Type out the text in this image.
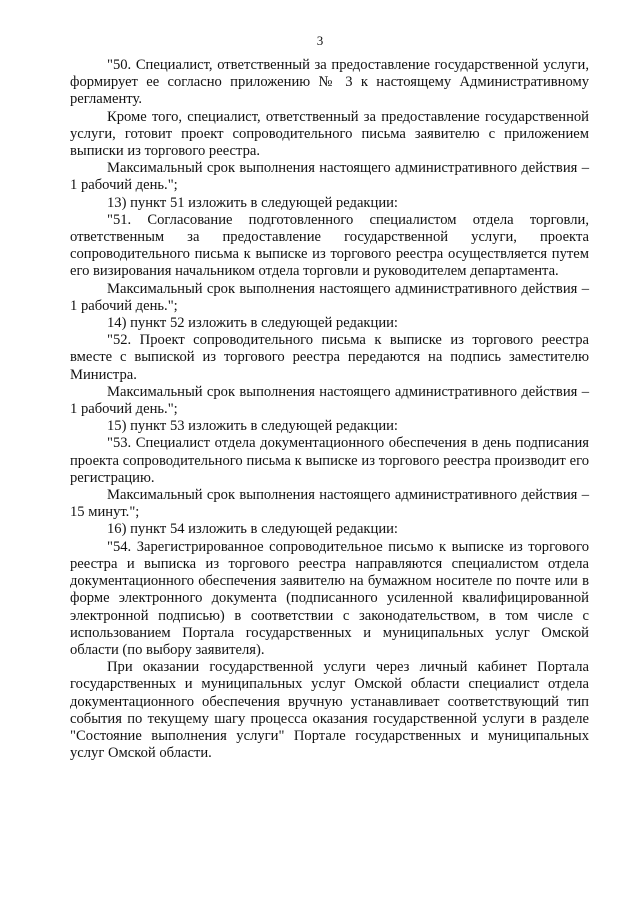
3

"50. Специалист, ответственный за предоставление государственной услуги, формирует ее согласно приложению № 3 к настоящему Административному регламенту.

Кроме того, специалист, ответственный за предоставление государственной услуги, готовит проект сопроводительного письма заявителю с приложением выписки из торгового реестра.

Максимальный срок выполнения настоящего административного действия – 1 рабочий день.";

13) пункт 51 изложить в следующей редакции:

"51. Согласование подготовленного специалистом отдела торговли, ответственным за предоставление государственной услуги, проекта сопроводительного письма к выписке из торгового реестра осуществляется путем его визирования начальником отдела торговли и руководителем департамента.

Максимальный срок выполнения настоящего административного действия – 1 рабочий день.";

14) пункт 52 изложить в следующей редакции:

"52. Проект сопроводительного письма к выписке из торгового реестра вместе с выпиской из торгового реестра передаются на подпись заместителю Министра.

Максимальный срок выполнения настоящего административного действия – 1 рабочий день.";

15) пункт 53 изложить в следующей редакции:

"53. Специалист отдела документационного обеспечения в день подписания проекта сопроводительного письма к выписке из торгового реестра производит его регистрацию.

Максимальный срок выполнения настоящего административного действия – 15 минут.";

16) пункт 54 изложить в следующей редакции:

"54. Зарегистрированное сопроводительное письмо к выписке из торгового реестра и выписка из торгового реестра направляются специалистом отдела документационного обеспечения заявителю на бумажном носителе по почте или в форме электронного документа (подписанного усиленной квалифицированной электронной подписью) в соответствии с законодательством, в том числе с использованием Портала государственных и муниципальных услуг Омской области (по выбору заявителя).

При оказании государственной услуги через личный кабинет Портала государственных и муниципальных услуг Омской области специалист отдела документационного обеспечения вручную устанавливает соответствующий тип события по текущему шагу процесса оказания государственной услуги в разделе "Состояние выполнения услуги" Портале государственных и муниципальных услуг Омской области.
